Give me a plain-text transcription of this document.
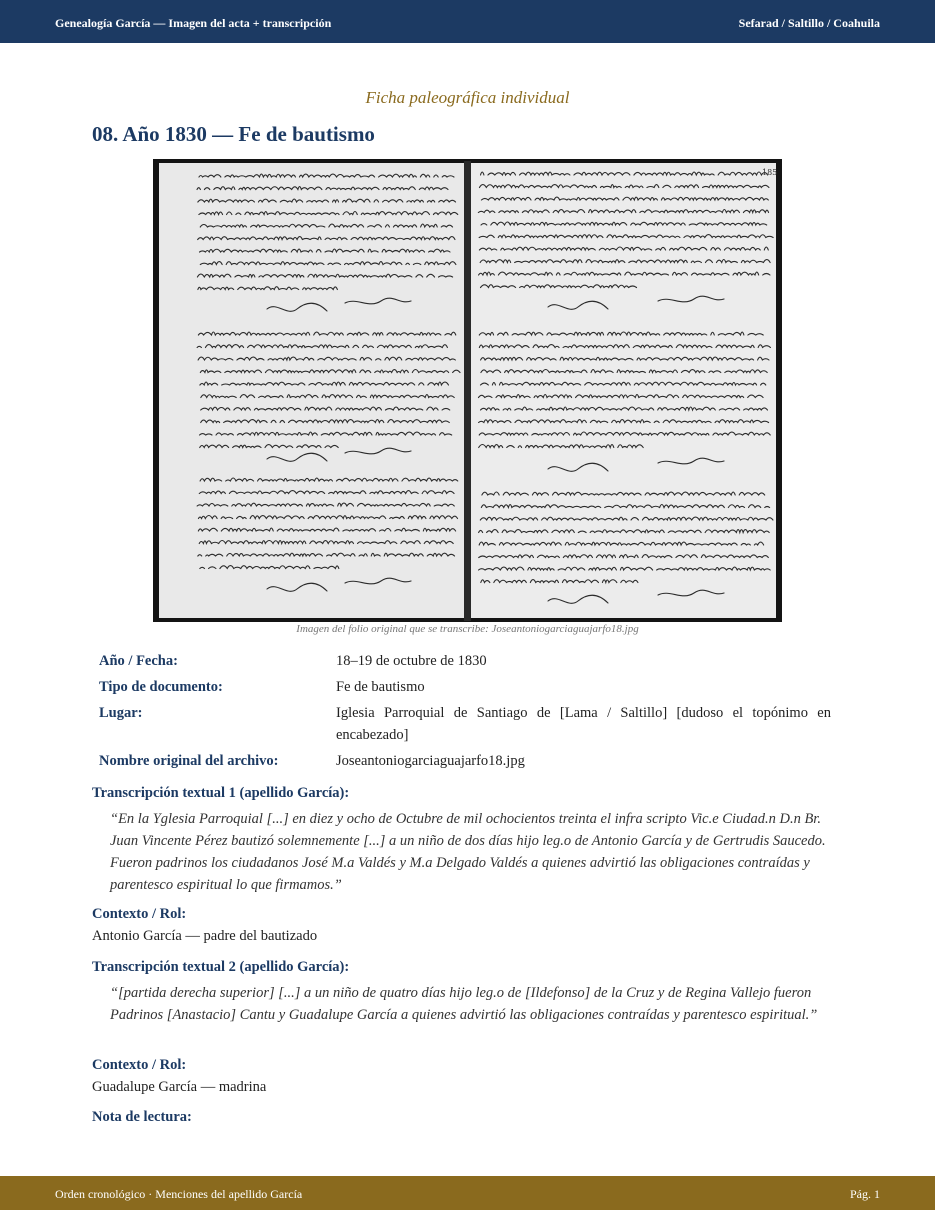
Genealogía García — Imagen del acta + transcripción	Sefarad / Saltillo / Coahuila
Ficha paleográfica individual
08. Año 1830 — Fe de bautismo
185
Imagen del folio original que se transcribe: Joseantoniogarciaguajarfo18.jpg
Año / Fecha:	18–19 de octubre de 1830
Tipo de documento:	Fe de bautismo
Lugar:	Iglesia Parroquial de Santiago de [Lama / Saltillo] [dudoso el topónimo en encabezado]
Nombre original del archivo:	Joseantoniogarciaguajarfo18.jpg
Transcripción textual 1 (apellido García):
“En la Yglesia Parroquial [...] en diez y ocho de Octubre de mil ochocientos treinta el infra scripto Vic.e Ciudad.n D.n Br. Juan Vincente Pérez bautizó solemnemente [...] a un niño de dos días hijo leg.o de Antonio García y de Gertrudis Saucedo. Fueron padrinos los ciudadanos José M.a Valdés y M.a Delgado Valdés a quienes advirtió las obligaciones contraídas y parentesco espiritual lo que firmamos.”
Contexto / Rol:
Antonio García — padre del bautizado
Transcripción textual 2 (apellido García):
“[partida derecha superior] [...] a un niño de quatro días hijo leg.o de [Ildefonso] de la Cruz y de Regina Vallejo fueron Padrinos [Anastacio] Cantu y Guadalupe García a quienes advirtió las obligaciones contraídas y parentesco espiritual.”
Contexto / Rol:
Guadalupe García — madrina
Nota de lectura:
Orden cronológico · Menciones del apellido García	Pág. 1
